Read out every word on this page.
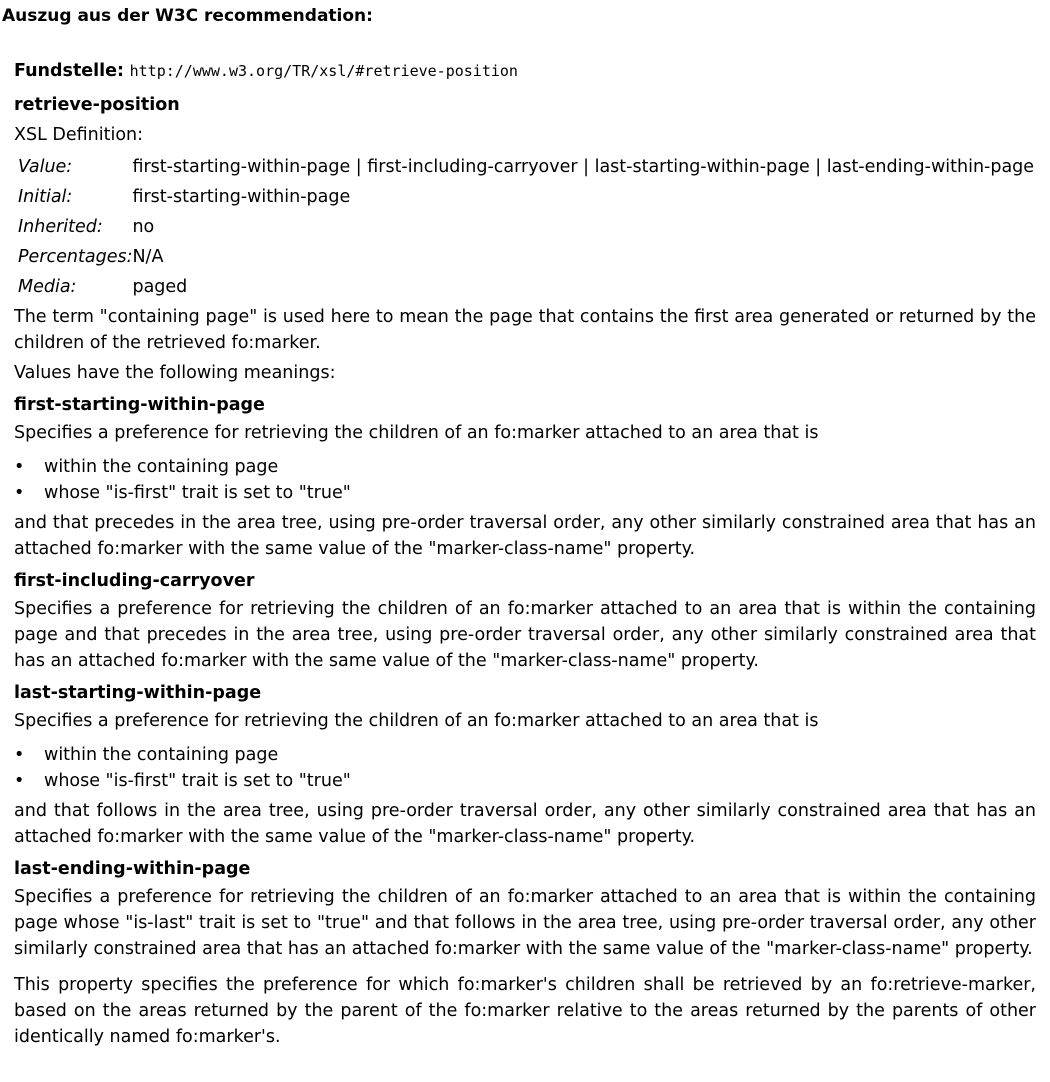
Auszug aus der W3C recommendation:
Fundstelle: http://www.w3.org/TR/xsl/#retrieve-position
retrieve-position
XSL Definition:
Value:	first-starting-within-page | first-including-carryover | last-starting-within-page | last-ending-within-page
Initial:	first-starting-within-page
Inherited:	no
Percentages:	N/A
Media:	paged

The term "containing page" is used here to mean the page that contains the first area generated or returned by the children of the retrieved fo:marker.

Values have the following meanings:

first-starting-within-page

Specifies a preference for retrieving the children of an fo:marker attached to an area that is

• within the containing page
• whose "is-first" trait is set to "true"

and that precedes in the area tree, using pre-order traversal order, any other similarly constrained area that has an attached fo:marker with the same value of the "marker-class-name" property.

first-including-carryover

Specifies a preference for retrieving the children of an fo:marker attached to an area that is within the containing page and that precedes in the area tree, using pre-order traversal order, any other similarly constrained area that has an attached fo:marker with the same value of the "marker-class-name" property.

last-starting-within-page

Specifies a preference for retrieving the children of an fo:marker attached to an area that is

• within the containing page
• whose "is-first" trait is set to "true"

and that follows in the area tree, using pre-order traversal order, any other similarly constrained area that has an attached fo:marker with the same value of the "marker-class-name" property.

last-ending-within-page

Specifies a preference for retrieving the children of an fo:marker attached to an area that is within the containing page whose "is-last" trait is set to "true" and that follows in the area tree, using pre-order traversal order, any other similarly constrained area that has an attached fo:marker with the same value of the "marker-class-name" property.

This property specifies the preference for which fo:marker's children shall be retrieved by an fo:retrieve-marker, based on the areas returned by the parent of the fo:marker relative to the areas returned by the parents of other identically named fo:marker's.
